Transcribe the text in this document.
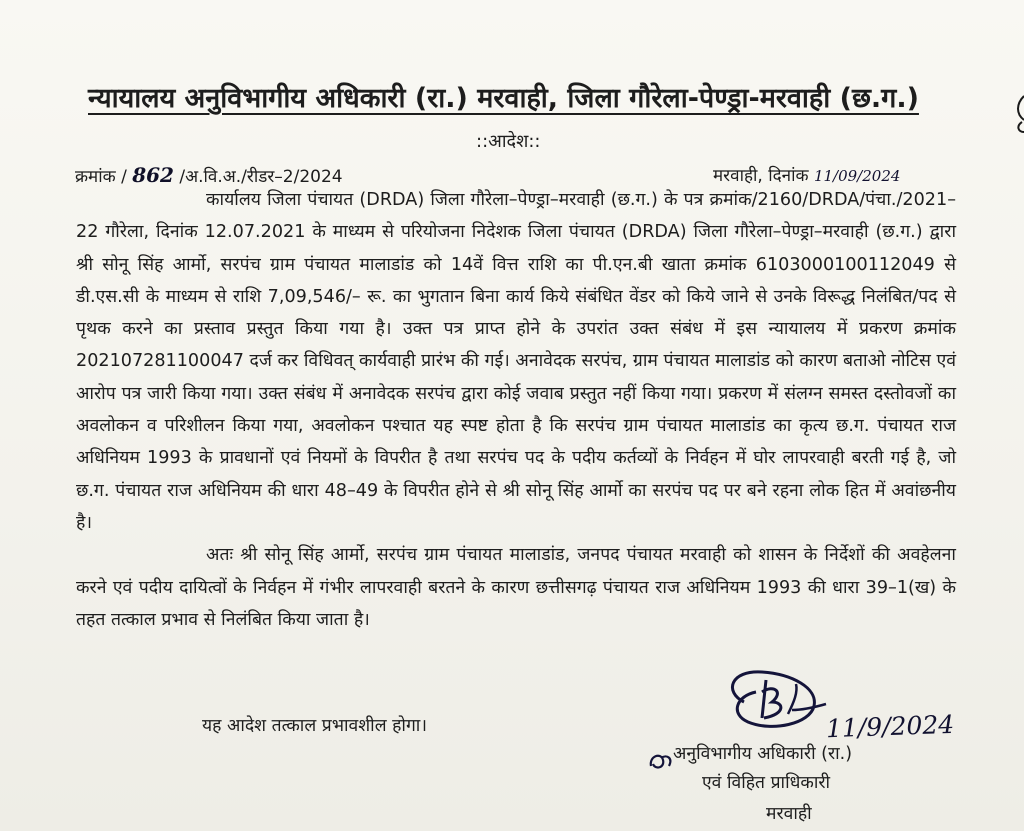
न्यायालय अनुविभागीय अधिकारी (रा.) मरवाही, जिला गौरेला-पेण्ड्रा-मरवाही (छ.ग.)
::आदेश::
क्रमांक / 862 /अ.वि.अ./रीडर–2/2024	मरवाही, दिनांक 11/09/2024

कार्यालय जिला पंचायत (DRDA) जिला गौरेला–पेण्ड्रा–मरवाही (छ.ग.) के पत्र क्रमांक/2160/DRDA/पंचा./2021–22 गौरेला, दिनांक 12.07.2021 के माध्यम से परियोजना निदेशक जिला पंचायत (DRDA) जिला गौरेला–पेण्ड्रा–मरवाही (छ.ग.) द्वारा श्री सोनू सिंह आर्मो, सरपंच ग्राम पंचायत मालाडांड को 14वें वित्त राशि का पी.एन.बी खाता क्रमांक 6103000100112049 से डी.एस.सी के माध्यम से राशि 7,09,546/– रू. का भुगतान बिना कार्य किये संबंधित वेंडर को किये जाने से उनके विरूद्ध निलंबित/पद से पृथक करने का प्रस्ताव प्रस्तुत किया गया है। उक्त पत्र प्राप्त होने के उपरांत उक्त संबंध में इस न्यायालय में प्रकरण क्रमांक 202107281100047 दर्ज कर विधिवत् कार्यवाही प्रारंभ की गई। अनावेदक सरपंच, ग्राम पंचायत मालाडांड को कारण बताओ नोटिस एवं आरोप पत्र जारी किया गया। उक्त संबंध में अनावेदक सरपंच द्वारा कोई जवाब प्रस्तुत नहीं किया गया। प्रकरण में संलग्न समस्त दस्तोवजों का अवलोकन व परिशीलन किया गया, अवलोकन पश्चात यह स्पष्ट होता है कि सरपंच ग्राम पंचायत मालाडांड का कृत्य छ.ग. पंचायत राज अधिनियम 1993 के प्रावधानों एवं नियमों के विपरीत है तथा सरपंच पद के पदीय कर्तव्यों के निर्वहन में घोर लापरवाही बरती गई है, जो छ.ग. पंचायत राज अधिनियम की धारा 48–49 के विपरीत होने से श्री सोनू सिंह आर्मो का सरपंच पद पर बने रहना लोक हित में अवांछनीय है।

अतः श्री सोनू सिंह आर्मो, सरपंच ग्राम पंचायत मालाडांड, जनपद पंचायत मरवाही को शासन के निर्देशों की अवहेलना करने एवं पदीय दायित्वों के निर्वहन में गंभीर लापरवाही बरतने के कारण छत्तीसगढ़ पंचायत राज अधिनियम 1993 की धारा 39–1(ख) के तहत तत्काल प्रभाव से निलंबित किया जाता है।

यह आदेश तत्काल प्रभावशील होगा।	11/9/2024
अनुविभागीय अधिकारी (रा.)
एवं विहित प्राधिकारी
मरवाही
